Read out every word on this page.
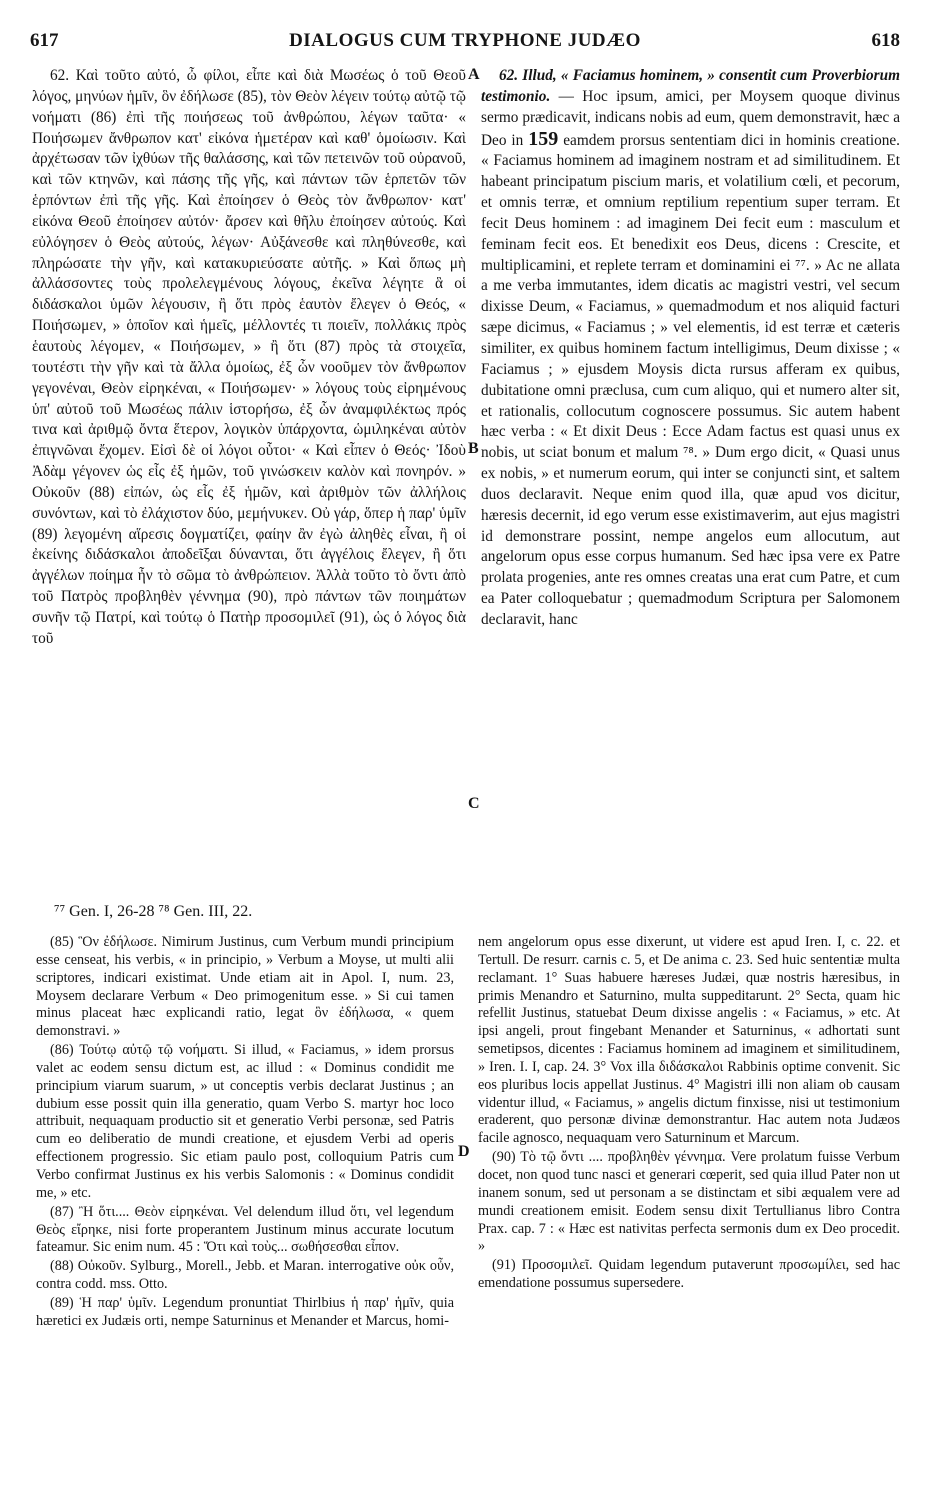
617	DIALOGUS CUM TRYPHONE JUDÆO	618

62. Καὶ τοῦτο αὐτό, ὦ φίλοι, εἶπε καὶ διὰ Μωσέως ὁ τοῦ Θεοῦ λόγος, μηνύων ἡμῖν, ὃν ἐδήλωσε (85), τὸν Θεὸν λέγειν τούτῳ αὐτῷ τῷ νοήματι (86) ἐπὶ τῆς ποιήσεως τοῦ ἀνθρώπου, λέγων ταῦτα· « Ποιήσωμεν ἄνθρωπον κατ' εἰκόνα ἡμετέραν καὶ καθ' ὁμοίωσιν. Καὶ ἀρχέτωσαν τῶν ἰχθύων τῆς θαλάσσης, καὶ τῶν πετεινῶν τοῦ οὐρανοῦ, καὶ τῶν κτηνῶν, καὶ πάσης τῆς γῆς, καὶ πάντων τῶν ἑρπετῶν τῶν ἑρπόντων ἐπὶ τῆς γῆς. Καὶ ἐποίησεν ὁ Θεὸς τὸν ἄνθρωπον· κατ' εἰκόνα Θεοῦ ἐποίησεν αὐτόν· ἄρσεν καὶ θῆλυ ἐποίησεν αὐτούς. Καὶ εὐλόγησεν ὁ Θεὸς αὐτούς, λέγων· Αὐξάνεσθε καὶ πληθύνεσθε, καὶ πληρώσατε τὴν γῆν, καὶ κατακυριεύσατε αὐτῆς. » Καὶ ὅπως μὴ ἀλλάσσοντες τοὺς προλελεγμένους λόγους, ἐκεῖνα λέγητε ἃ οἱ διδάσκαλοι ὑμῶν λέγουσιν, ἢ ὅτι πρὸς ἑαυτὸν ἔλεγεν ὁ Θεός, « Ποιήσωμεν, » ὁποῖον καὶ ἡμεῖς, μέλλοντές τι ποιεῖν, πολλάκις πρὸς ἑαυτοὺς λέγομεν, « Ποιήσωμεν, » ἢ ὅτι (87) πρὸς τὰ στοιχεῖα, τουτέστι τὴν γῆν καὶ τὰ ἄλλα ὁμοίως, ἐξ ὧν νοοῦμεν τὸν ἄνθρωπον γεγονέναι, Θεὸν εἰρηκέναι, « Ποιήσωμεν· » λόγους τοὺς εἰρημένους ὑπ' αὐτοῦ τοῦ Μωσέως πάλιν ἱστορήσω, ἐξ ὧν ἀναμφιλέκτως πρός τινα καὶ ἀριθμῷ ὄντα ἕτερον, λογικὸν ὑπάρχοντα, ὡμιληκέναι αὐτὸν ἐπιγνῶναι ἔχομεν. Εἰσὶ δὲ οἱ λόγοι οὗτοι· « Καὶ εἶπεν ὁ Θεός· Ἰδοὺ Ἀδὰμ γέγονεν ὡς εἷς ἐξ ἡμῶν, τοῦ γινώσκειν καλὸν καὶ πονηρόν. » Οὐκοῦν (88) εἰπών, ὡς εἷς ἐξ ἡμῶν, καὶ ἀριθμὸν τῶν ἀλλήλοις συνόντων, καὶ τὸ ἐλάχιστον δύο, μεμήνυκεν. Οὐ γάρ, ὅπερ ἡ παρ' ὑμῖν (89) λεγομένη αἵρεσις δογματίζει, φαίην ἂν ἐγὼ ἀληθὲς εἶναι, ἢ οἱ ἐκείνης διδάσκαλοι ἀποδεῖξαι δύνανται, ὅτι ἀγγέλοις ἔλεγεν, ἢ ὅτι ἀγγέλων ποίημα ἦν τὸ σῶμα τὸ ἀνθρώπειον. Ἀλλὰ τοῦτο τὸ ὄντι ἀπὸ τοῦ Πατρὸς προβληθὲν γέννημα (90), πρὸ πάντων τῶν ποιημάτων συνῆν τῷ Πατρί, καὶ τούτῳ ὁ Πατὴρ προσομιλεῖ (91), ὡς ὁ λόγος διὰ τοῦ

A
B
C

62. Illud, « Faciamus hominem, » consentit cum Proverbiorum testimonio. — Hoc ipsum, amici, per Moysem quoque divinus sermo prædicavit, indicans nobis ad eum, quem demonstravit, hæc a Deo in 159 eamdem prorsus sententiam dici in hominis creatione. « Faciamus hominem ad imaginem nostram et ad similitudinem. Et habeant principatum piscium maris, et volatilium cœli, et pecorum, et omnis terræ, et omnium reptilium repentium super terram. Et fecit Deus hominem : ad imaginem Dei fecit eum : masculum et feminam fecit eos. Et benedixit eos Deus, dicens : Crescite, et multiplicamini, et replete terram et dominamini ei ⁷⁷. » Ac ne allata a me verba immutantes, idem dicatis ac magistri vestri, vel secum dixisse Deum, « Faciamus, » quemadmodum et nos aliquid facturi sæpe dicimus, « Faciamus ; » vel elementis, id est terræ et cæteris similiter, ex quibus hominem factum intelligimus, Deum dixisse ; « Faciamus ; » ejusdem Moysis dicta rursus afferam ex quibus, dubitatione omni præclusa, cum cum aliquo, qui et numero alter sit, et rationalis, collocutum cognoscere possumus. Sic autem habent hæc verba : « Et dixit Deus : Ecce Adam factus est quasi unus ex nobis, ut sciat bonum et malum ⁷⁸. » Dum ergo dicit, « Quasi unus ex nobis, » et numerum eorum, qui inter se conjuncti sint, et saltem duos declaravit. Neque enim quod illa, quæ apud vos dicitur, hæresis decernit, id ego verum esse existimaverim, aut ejus magistri id demonstrare possint, nempe angelos eum allocutum, aut angelorum opus esse corpus humanum. Sed hæc ipsa vere ex Patre prolata progenies, ante res omnes creatas una erat cum Patre, et cum ea Pater colloquebatur ; quemadmodum Scriptura per Salomonem declaravit, hanc

⁷⁷ Gen. I, 26-28 ⁷⁸ Gen. III, 22.

(85) Ὃν ἐδήλωσε. Nimirum Justinus, cum Verbum mundi principium esse censeat, his verbis, « in principio, » Verbum a Moyse, ut multi alii scriptores, indicari existimat. Unde etiam ait in Apol. I, num. 23, Moysem declarare Verbum « Deo primogenitum esse. » Si cui tamen minus placeat hæc explicandi ratio, legat ὃν ἐδήλωσα, « quem demonstravi. »

(86) Τούτῳ αὐτῷ τῷ νοήματι. Si illud, « Faciamus, » idem prorsus valet ac eodem sensu dictum est, ac illud : « Dominus condidit me principium viarum suarum, » ut conceptis verbis declarat Justinus ; an dubium esse possit quin illa generatio, quam Verbo S. martyr hoc loco attribuit, nequaquam productio sit et generatio Verbi personæ, sed Patris cum eo deliberatio de mundi creatione, et ejusdem Verbi ad operis effectionem progressio. Sic etiam paulo post, colloquium Patris cum Verbo confirmat Justinus ex his verbis Salomonis : « Dominus condidit me, » etc.

(87) Ἢ ὅτι.... Θεὸν εἰρηκέναι. Vel delendum illud ὅτι, vel legendum Θεὸς εἴρηκε, nisi forte properantem Justinum minus accurate locutum fateamur. Sic enim num. 45 : Ὅτι καὶ τοὺς... σωθήσεσθαι εἶπον.

(88) Οὐκοῦν. Sylburg., Morell., Jebb. et Maran. interrogative οὐκ οὖν, contra codd. mss. Otto.

(89) Ἡ παρ' ὑμῖν. Legendum pronuntiat Thirlbius ἡ παρ' ἡμῖν, quia hæretici ex Judæis orti, nempe Saturninus et Menander et Marcus, homi-

D

nem angelorum opus esse dixerunt, ut videre est apud Iren. I, c. 22. et Tertull. De resurr. carnis c. 5, et De anima c. 23. Sed huic sententiæ multa reclamant. 1° Suas habuere hæreses Judæi, quæ nostris hæresibus, in primis Menandro et Saturnino, multa suppeditarunt. 2° Secta, quam hic refellit Justinus, statuebat Deum dixisse angelis : « Faciamus, » etc. At ipsi angeli, prout fingebant Menander et Saturninus, « adhortati sunt semetipsos, dicentes : Faciamus hominem ad imaginem et similitudinem, » Iren. I. I, cap. 24. 3° Vox illa διδάσκαλοι Rabbinis optime convenit. Sic eos pluribus locis appellat Justinus. 4° Magistri illi non aliam ob causam videntur illud, « Faciamus, » angelis dictum finxisse, nisi ut testimonium eraderent, quo personæ divinæ demonstrantur. Hac autem nota Judæos facile agnosco, nequaquam vero Saturninum et Marcum.

(90) Τὸ τῷ ὄντι .... προβληθὲν γέννημα. Vere prolatum fuisse Verbum docet, non quod tunc nasci et generari cœperit, sed quia illud Pater non ut inanem sonum, sed ut personam a se distinctam et sibi æqualem vere ad mundi creationem emisit. Eodem sensu dixit Tertullianus libro Contra Prax. cap. 7 : « Hæc est nativitas perfecta sermonis dum ex Deo procedit. »

(91) Προσομιλεῖ. Quidam legendum putaverunt προσωμίλει, sed hac emendatione possumus supersedere.
